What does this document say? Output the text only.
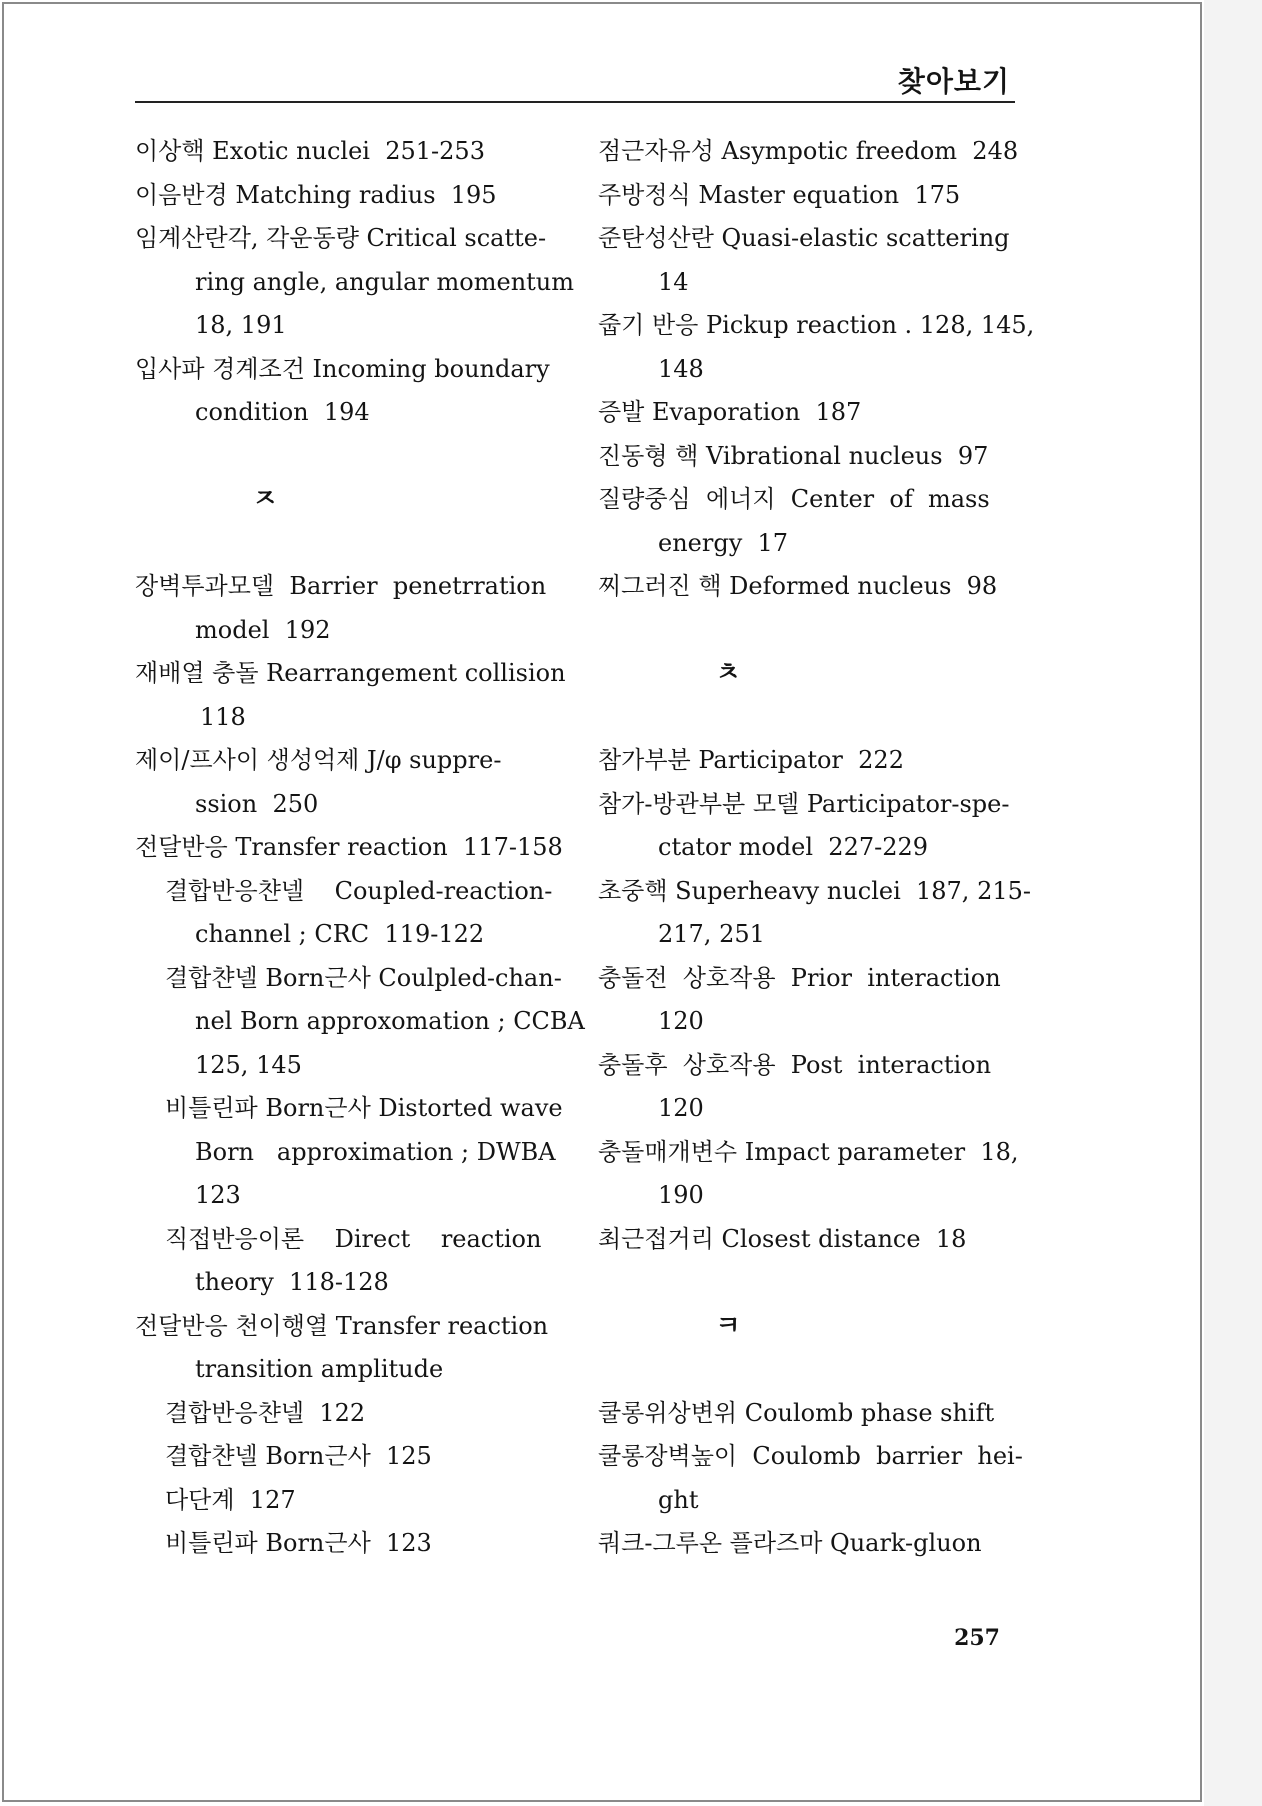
찾아보기
이상핵 Exotic nuclei  251-253
이음반경 Matching radius  195
임계산란각, 각운동량 Critical scatte-
ring angle, angular momentum
18, 191
입사파 경계조건 Incoming boundary
condition  194
ㅈ
장벽투과모델  Barrier  penetrration
model  192
재배열 충돌 Rearrangement collision
118
제이/프사이 생성억제 J/φ suppre-
ssion  250
전달반응 Transfer reaction  117-158
결합반응챤넬    Coupled-reaction-
channel ; CRC  119-122
결합챤넬 Born근사 Coulpled-chan-
nel Born approxomation ; CCBA
125, 145
비틀린파 Born근사 Distorted wave
Born   approximation ; DWBA
123
직접반응이론    Direct    reaction
theory  118-128
전달반응 천이행열 Transfer reaction
transition amplitude
결합반응챤넬  122
결합챤넬 Born근사  125
다단계  127
비틀린파 Born근사  123
점근자유성 Asympotic freedom  248
주방정식 Master equation  175
준탄성산란 Quasi-elastic scattering
14
줍기 반응 Pickup reaction . 128, 145,
148
증발 Evaporation  187
진동형 핵 Vibrational nucleus  97
질량중심  에너지  Center  of  mass
energy  17
찌그러진 핵 Deformed nucleus  98
ㅊ
참가부분 Participator  222
참가-방관부분 모델 Participator-spe-
ctator model  227-229
초중핵 Superheavy nuclei  187, 215-
217, 251
충돌전  상호작용  Prior  interaction
120
충돌후  상호작용  Post  interaction
120
충돌매개변수 Impact parameter  18,
190
최근접거리 Closest distance  18
ㅋ
쿨롱위상변위 Coulomb phase shift
쿨롱장벽높이  Coulomb  barrier  hei-
ght
쿼크-그루온 플라즈마 Quark-gluon
257
